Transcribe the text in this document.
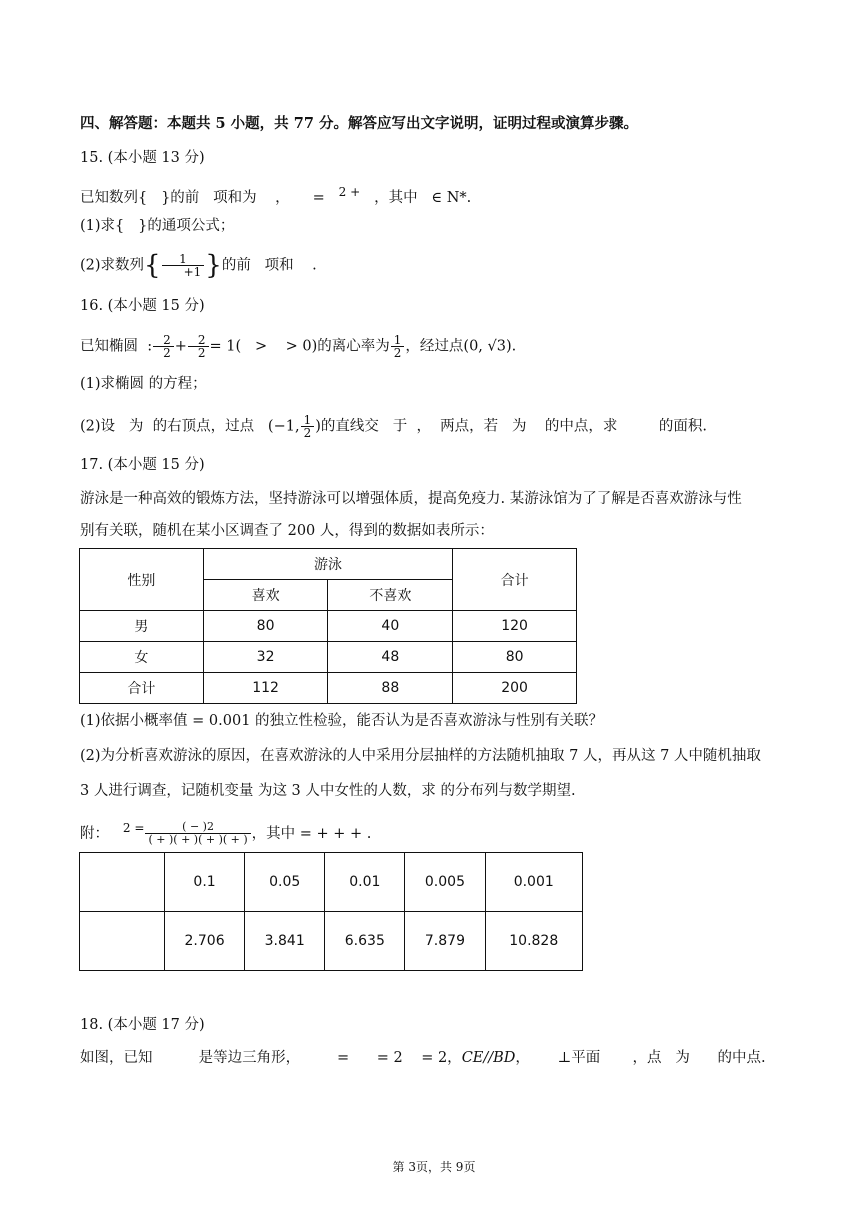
四、解答题：本题共 5 小题，共 77 分。解答应写出文字说明，证明过程或演算步骤。
15. (本小题 13 分)
已知数列{ }的前 项和为 ， = $^{2 +}$ ，其中 ∈ N*.
(1)求{ }的通项公式；
(2)求数列{ $\frac{1}{+1}$ }的前 项和 .
16. (本小题 15 分)
已知椭圆 : $\frac{2}{2} + \frac{2}{2} = 1$( > > 0)的离心率为 $\frac{1}{2}$ ，经过点(0, √3).
(1)求椭圆 的方程；
(2)设 为 的右顶点，过点 (−1, $\frac{1}{2}$ )的直线交 于 ， 两点，若 为 的中点，求	的面积.
17. (本小题 15 分)
游泳是一种高效的锻炼方法，坚持游泳可以增强体质，提高免疫力. 某游泳馆为了了解是否喜欢游泳与性
别有关联，随机在某小区调查了 200 人，得到的数据如表所示：
性别	游泳		合计
	喜欢	不喜欢	
男	80	40	120
女	32	48	80
合计	112	88	200
(1)依据小概率值 = 0.001 的独立性检验，能否认为是否喜欢游泳与性别有关联？
(2)为分析喜欢游泳的原因，在喜欢游泳的人中采用分层抽样的方法随机抽取 7 人，再从这 7 人中随机抽取
3 人进行调查，记随机变量 为这 3 人中女性的人数，求 的分布列与数学期望.
附： $^{2 =} \frac{( - )2}{( + )( + )( + )( + )}$ ，其中 = + + + .
	0.1	0.05	0.01	0.005	0.001
	2.706	3.841	6.635	7.879	10.828
18. (本小题 17 分)
如图，已知	是等边三角形，	= = 2 = 2，CE//BD， ⊥平面 ，点 为 的中点.
第 3页，共 9页
